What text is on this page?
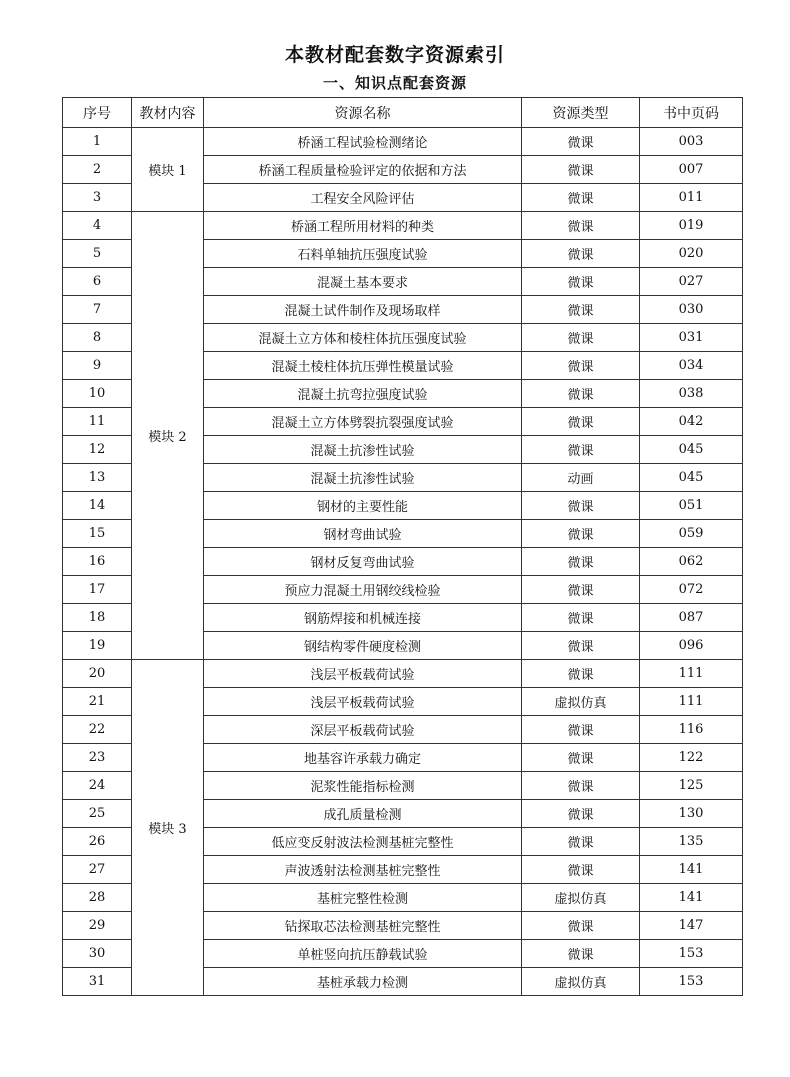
本教材配套数字资源索引
一、知识点配套资源
序号	教材内容	资源名称	资源类型	书中页码
1	模块 1	桥涵工程试验检测绪论	微课	003
2		桥涵工程质量检验评定的依据和方法	微课	007
3		工程安全风险评估	微课	011
4	模块 2	桥涵工程所用材料的种类	微课	019
5		石料单轴抗压强度试验	微课	020
6		混凝土基本要求	微课	027
7		混凝土试件制作及现场取样	微课	030
8		混凝土立方体和棱柱体抗压强度试验	微课	031
9		混凝土棱柱体抗压弹性模量试验	微课	034
10		混凝土抗弯拉强度试验	微课	038
11		混凝土立方体劈裂抗裂强度试验	微课	042
12		混凝土抗渗性试验	微课	045
13		混凝土抗渗性试验	动画	045
14		钢材的主要性能	微课	051
15		钢材弯曲试验	微课	059
16		钢材反复弯曲试验	微课	062
17		预应力混凝土用钢绞线检验	微课	072
18		钢筋焊接和机械连接	微课	087
19		钢结构零件硬度检测	微课	096
20	模块 3	浅层平板载荷试验	微课	111
21		浅层平板载荷试验	虚拟仿真	111
22		深层平板载荷试验	微课	116
23		地基容许承载力确定	微课	122
24		泥浆性能指标检测	微课	125
25		成孔质量检测	微课	130
26		低应变反射波法检测基桩完整性	微课	135
27		声波透射法检测基桩完整性	微课	141
28		基桩完整性检测	虚拟仿真	141
29		钻探取芯法检测基桩完整性	微课	147
30		单桩竖向抗压静载试验	微课	153
31		基桩承载力检测	虚拟仿真	153
